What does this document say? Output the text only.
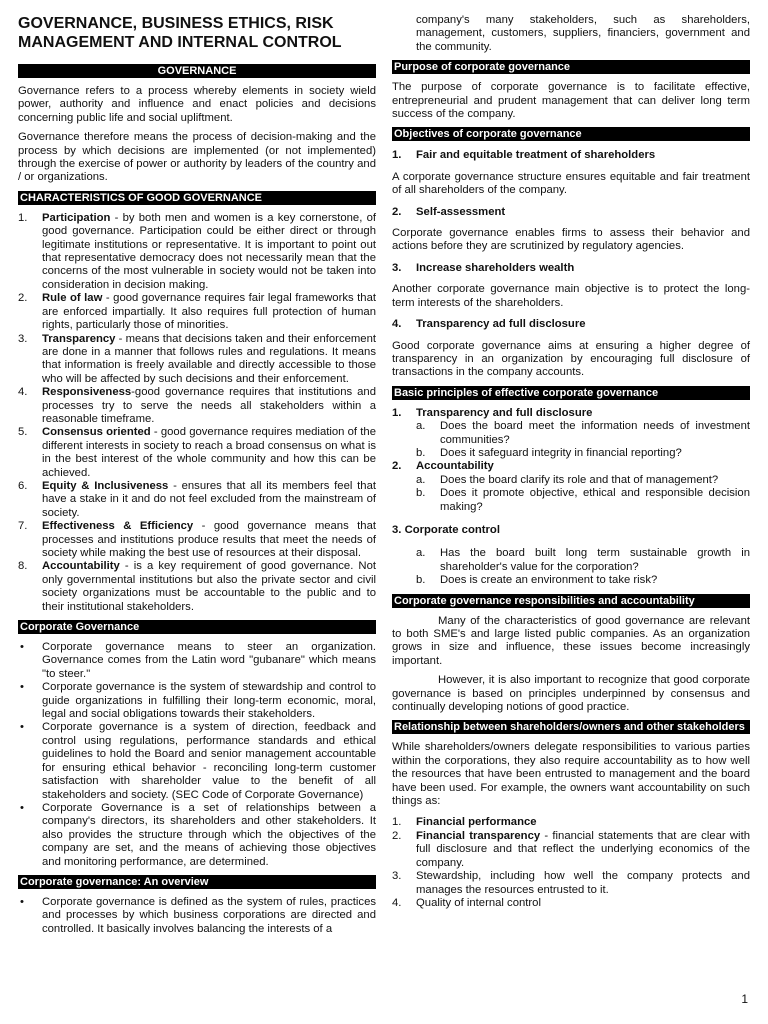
GOVERNANCE, BUSINESS ETHICS, RISK MANAGEMENT AND INTERNAL CONTROL
GOVERNANCE

Governance refers to a process whereby elements in society wield power, authority and influence and enact policies and decisions concerning public life and social upliftment.

Governance therefore means the process of decision-making and the process by which decisions are implemented (or not implemented) through the exercise of power or authority by leaders of the country and / or organizations.

CHARACTERISTICS OF GOOD GOVERNANCE
1. Participation - by both men and women is a key cornerstone, of good governance. Participation could be either direct or through legitimate institutions or representative. It is important to point out that representative democracy does not necessarily mean that the concerns of the most vulnerable in society would not be taken into consideration in decision making.
2. Rule of law - good governance requires fair legal frameworks that are enforced impartially. It also requires full protection of human rights, particularly those of minorities.
3. Transparency - means that decisions taken and their enforcement are done in a manner that follows rules and regulations. It means that information is freely available and directly accessible to those who will be affected by such decisions and their enforcement.
4. Responsiveness-good governance requires that institutions and processes try to serve the needs all stakeholders within a reasonable timeframe.
5. Consensus oriented - good governance requires mediation of the different interests in society to reach a broad consensus on what is in the best interest of the whole community and how this can be achieved.
6. Equity & Inclusiveness - ensures that all its members feel that have a stake in it and do not feel excluded from the mainstream of society.
7. Effectiveness & Efficiency - good governance means that processes and institutions produce results that meet the needs of society while making the best use of resources at their disposal.
8. Accountability - is a key requirement of good governance. Not only governmental institutions but also the private sector and civil society organizations must be accountable to the public and to their institutional stakeholders.
Corporate Governance
• Corporate governance means to steer an organization. Governance comes from the Latin word "gubanare" which means "to steer."
• Corporate governance is the system of stewardship and control to guide organizations in fulfilling their long-term economic, moral, legal and social obligations towards their stakeholders.
• Corporate governance is a system of direction, feedback and control using regulations, performance standards and ethical guidelines to hold the Board and senior management accountable for ensuring ethical behavior - reconciling long-term customer satisfaction with shareholder value to the benefit of all stakeholders and society. (SEC Code of Corporate Governance)
• Corporate Governance is a set of relationships between a company's directors, its shareholders and other stakeholders. It also provides the structure through which the objectives of the company are set, and the means of achieving those objectives and monitoring performance, are determined.
Corporate governance: An overview
• Corporate governance is defined as the system of rules, practices and processes by which business corporations are directed and controlled. It basically involves balancing the interests of a
company's many stakeholders, such as shareholders, management, customers, suppliers, financiers, government and the community.
Purpose of corporate governance

The purpose of corporate governance is to facilitate effective, entrepreneurial and prudent management that can deliver long term success of the company.

Objectives of corporate governance
1. Fair and equitable treatment of shareholders

A corporate governance structure ensures equitable and fair treatment of all shareholders of the company.

2. Self-assessment

Corporate governance enables firms to assess their behavior and actions before they are scrutinized by regulatory agencies.

3. Increase shareholders wealth

Another corporate governance main objective is to protect the long-term interests of the shareholders.

4. Transparency ad full disclosure

Good corporate governance aims at ensuring a higher degree of transparency in an organization by encouraging full disclosure of transactions in the company accounts.

Basic principles of effective corporate governance
1. Transparency and full disclosure
a. Does the board meet the information needs of investment communities?
b. Does it safeguard integrity in financial reporting?
2. Accountability
a. Does the board clarify its role and that of management?
b. Does it promote objective, ethical and responsible decision making?
3. Corporate control
a. Has the board built long term sustainable growth in shareholder's value for the corporation?
b. Does is create an environment to take risk?
Corporate governance responsibilities and accountability

Many of the characteristics of good governance are relevant to both SME's and large listed public companies. As an organization grows in size and influence, these issues become increasingly important.

However, it is also important to recognize that good corporate governance is based on principles underpinned by consensus and continually developing notions of good practice.

Relationship between shareholders/owners and other stakeholders

While shareholders/owners delegate responsibilities to various parties within the corporations, they also require accountability as to how well the resources that have been entrusted to management and the board have been used. For example, the owners want accountability on such things as:

1. Financial performance
2. Financial transparency - financial statements that are clear with full disclosure and that reflect the underlying economics of the company.
3. Stewardship, including how well the company protects and manages the resources entrusted to it.
4. Quality of internal control
1
